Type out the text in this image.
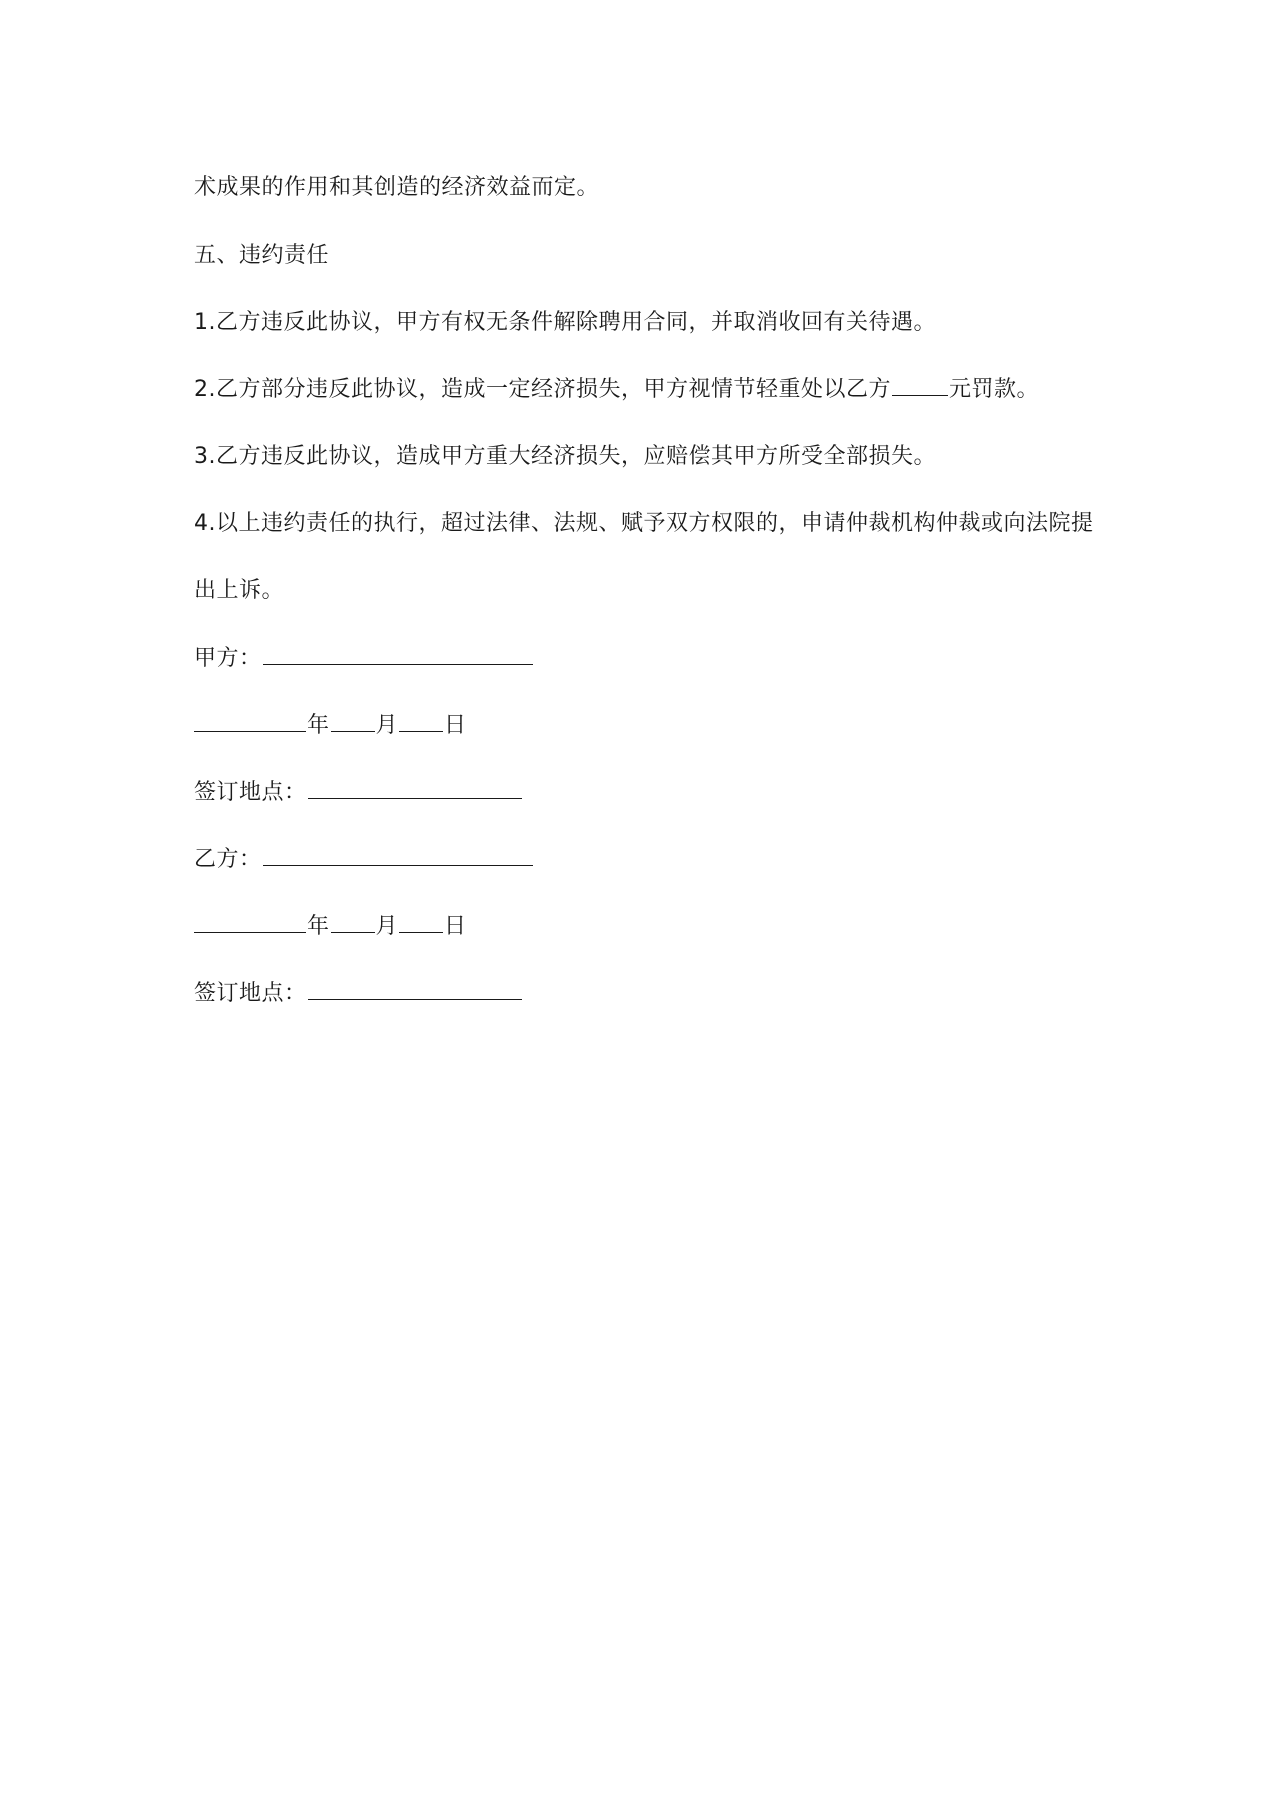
术成果的作用和其创造的经济效益而定。
五、违约责任
1.乙方违反此协议，甲方有权无条件解除聘用合同，并取消收回有关待遇。
2.乙方部分违反此协议，造成一定经济损失，甲方视情节轻重处以乙方	元罚款。
3.乙方违反此协议，造成甲方重大经济损失，应赔偿其甲方所受全部损失。
4.以上违约责任的执行，超过法律、法规、赋予双方权限的，申请仲裁机构仲裁或向法院提
出上诉。
甲方：
年 月 日
签订地点：
乙方：
年 月 日
签订地点：
